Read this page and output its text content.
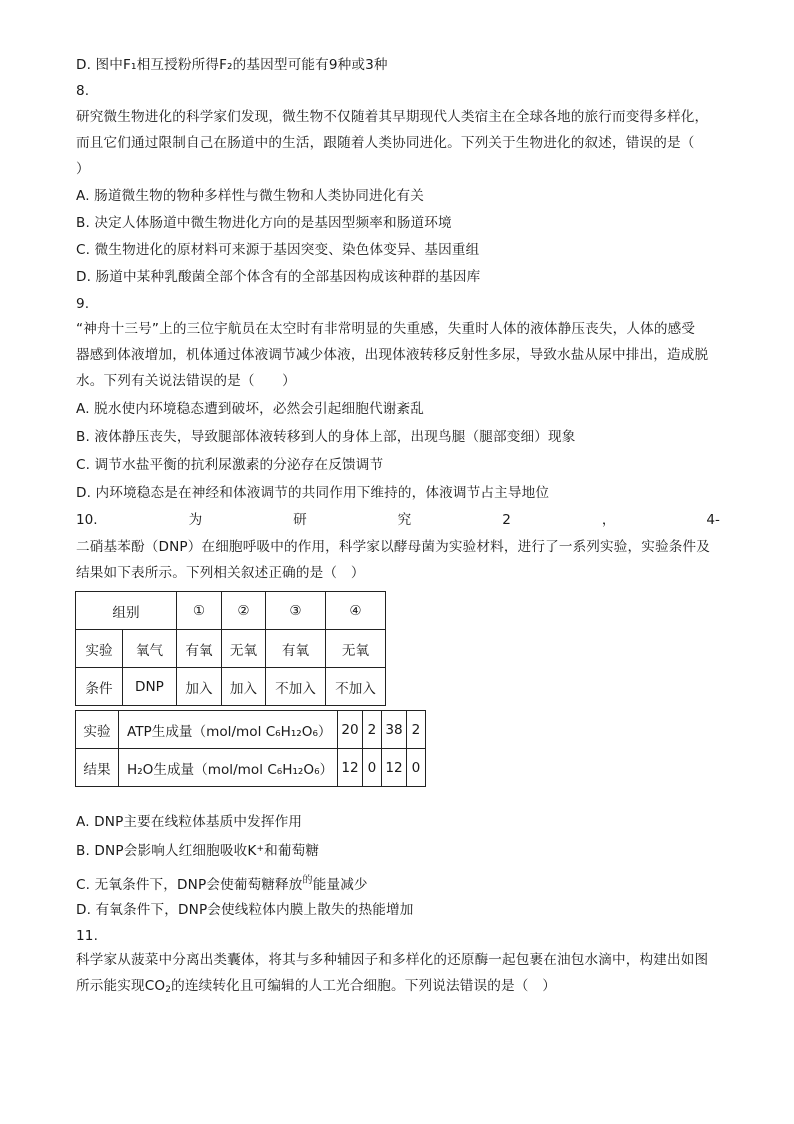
D. 图中F₁相互授粉所得F₂的基因型可能有9种或3种
8.
研究微生物进化的科学家们发现，微生物不仅随着其早期现代人类宿主在全球各地的旅行而变得多样化，
而且它们通过限制自己在肠道中的生活，跟随着人类协同进化。下列关于生物进化的叙述，错误的是（
）
A. 肠道微生物的物种多样性与微生物和人类协同进化有关
B. 决定人体肠道中微生物进化方向的是基因型频率和肠道环境
C. 微生物进化的原材料可来源于基因突变、染色体变异、基因重组
D. 肠道中某种乳酸菌全部个体含有的全部基因构成该种群的基因库
9.
“神舟十三号”上的三位宇航员在太空时有非常明显的失重感，失重时人体的液体静压丧失，人体的感受
器感到体液增加，机体通过体液调节减少体液，出现体液转移反射性多尿，导致水盐从尿中排出，造成脱
水。下列有关说法错误的是（　　）
A. 脱水使内环境稳态遭到破坏，必然会引起细胞代谢紊乱
B. 液体静压丧失，导致腿部体液转移到人的身体上部，出现鸟腿（腿部变细）现象
C. 调节水盐平衡的抗利尿激素的分泌存在反馈调节
D. 内环境稳态是在神经和体液调节的共同作用下维持的，体液调节占主导地位
10.	为	研	究	2	，	4-
二硝基苯酚（DNP）在细胞呼吸中的作用，科学家以酵母菌为实验材料，进行了一系列实验，实验条件及
结果如下表所示。下列相关叙述正确的是（　）
组别		①	②	③	④
实验	氧气	有氧	无氧	有氧	无氧
条件	DNP	加入	加入	不加入	不加入
实验	ATP生成量（mol/mol C₆H₁₂O₆）	20	2	38	2
结果	H₂O生成量（mol/mol C₆H₁₂O₆）	12	0	12	0
A. DNP主要在线粒体基质中发挥作用
B. DNP会影响人红细胞吸收K+和葡萄糖
C. 无氧条件下，DNP会使葡萄糖释放$^的$能量减少
D. 有氧条件下，DNP会使线粒体内膜上散失的热能增加
11.
科学家从菠菜中分离出类囊体，将其与多种辅因子和多样化的还原酶一起包裹在油包水滴中，构建出如图
所示能实现$CO_2$的连续转化且可编辑的人工光合细胞。下列说法错误的是（　）
